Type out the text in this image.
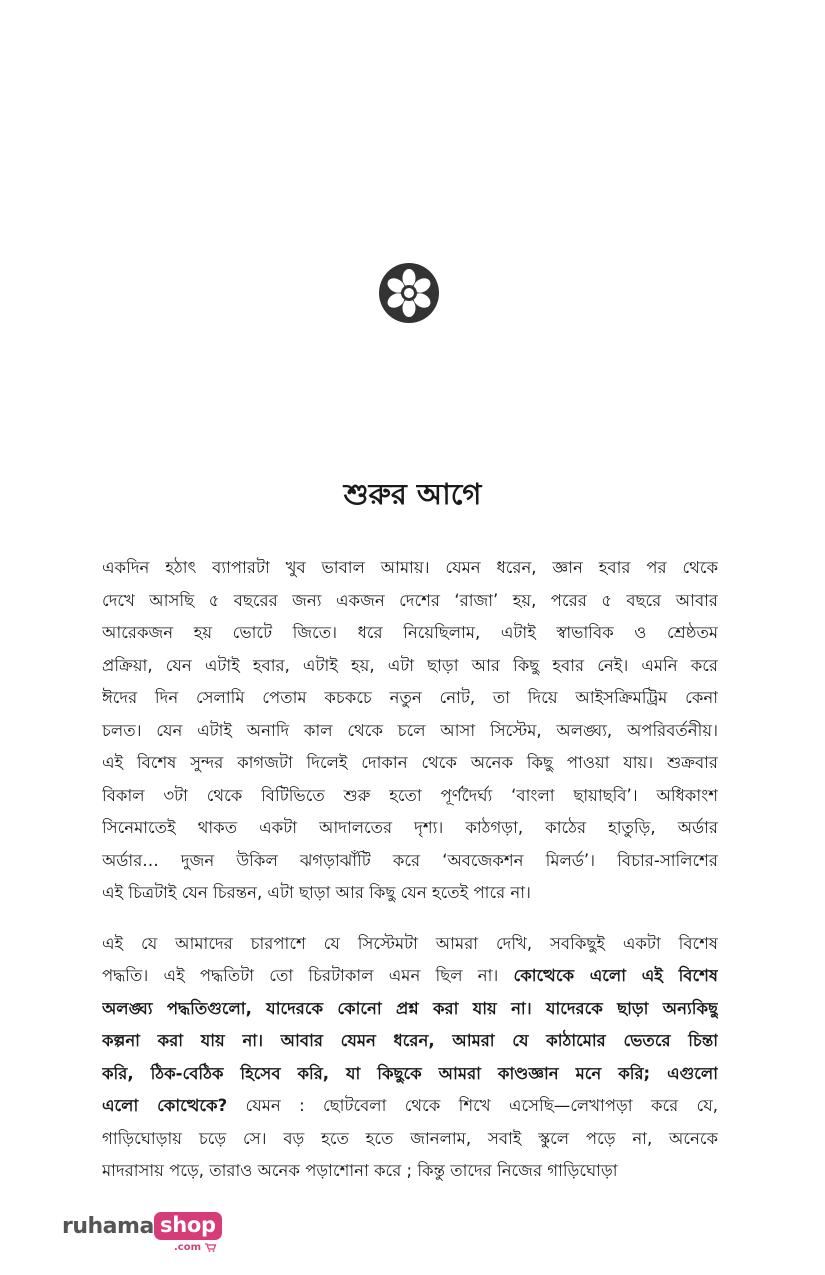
শুরুর আগে
একদিন হঠাৎ ব্যাপারটা খুব ভাবাল আমায়। যেমন ধরেন, জ্ঞান হবার পর থেকে
দেখে আসছি ৫ বছরের জন্য একজন দেশের ‘রাজা’ হয়, পরের ৫ বছরে আবার
আরেকজন হয় ভোটে জিতে। ধরে নিয়েছিলাম, এটাই স্বাভাবিক ও শ্রেষ্ঠতম
প্রক্রিয়া, যেন এটাই হবার, এটাই হয়, এটা ছাড়া আর কিছু হবার নেই। এমনি করে
ঈদের দিন সেলামি পেতাম কচকচে নতুন নোট, তা দিয়ে আইসক্রিমট্রিম কেনা
চলত। যেন এটাই অনাদি কাল থেকে চলে আসা সিস্টেম, অলঙ্ঘ্য, অপরিবর্তনীয়।
এই বিশেষ সুন্দর কাগজটা দিলেই দোকান থেকে অনেক কিছু পাওয়া যায়। শুক্রবার
বিকাল ৩টা থেকে বিটিভিতে শুরু হতো পূর্ণদৈর্ঘ্য ‘বাংলা ছায়াছবি’। অধিকাংশ
সিনেমাতেই থাকত একটা আদালতের দৃশ্য। কাঠগড়া, কাঠের হাতুড়ি, অর্ডার
অর্ডার… দুজন উকিল ঝগড়াঝাঁটি করে ‘অবজেকশন মিলর্ড’। বিচার-সালিশের
এই চিত্রটাই যেন চিরন্তন, এটা ছাড়া আর কিছু যেন হতেই পারে না।
এই যে আমাদের চারপাশে যে সিস্টেমটা আমরা দেখি, সবকিছুই একটা বিশেষ
পদ্ধতি। এই পদ্ধতিটা তো চিরটাকাল এমন ছিল না। কোত্থেকে এলো এই বিশেষ
অলঙ্ঘ্য পদ্ধতিগুলো, যাদেরকে কোনো প্রশ্ন করা যায় না। যাদেরকে ছাড়া অন্যকিছু
কল্পনা করা যায় না। আবার যেমন ধরেন, আমরা যে কাঠামোর ভেতরে চিন্তা
করি, ঠিক-বেঠিক হিসেব করি, যা কিছুকে আমরা কাণ্ডজ্ঞান মনে করি; এগুলো
এলো কোত্থেকে? যেমন : ছোটবেলা থেকে শিখে এসেছি—লেখাপড়া করে যে,
গাড়িঘোড়ায় চড়ে সে। বড় হতে হতে জানলাম, সবাই স্কুলে পড়ে না, অনেকে
মাদরাসায় পড়ে, তারাও অনেক পড়াশোনা করে ; কিন্তু তাদের নিজের গাড়িঘোড়া
ruhama shop
.com
